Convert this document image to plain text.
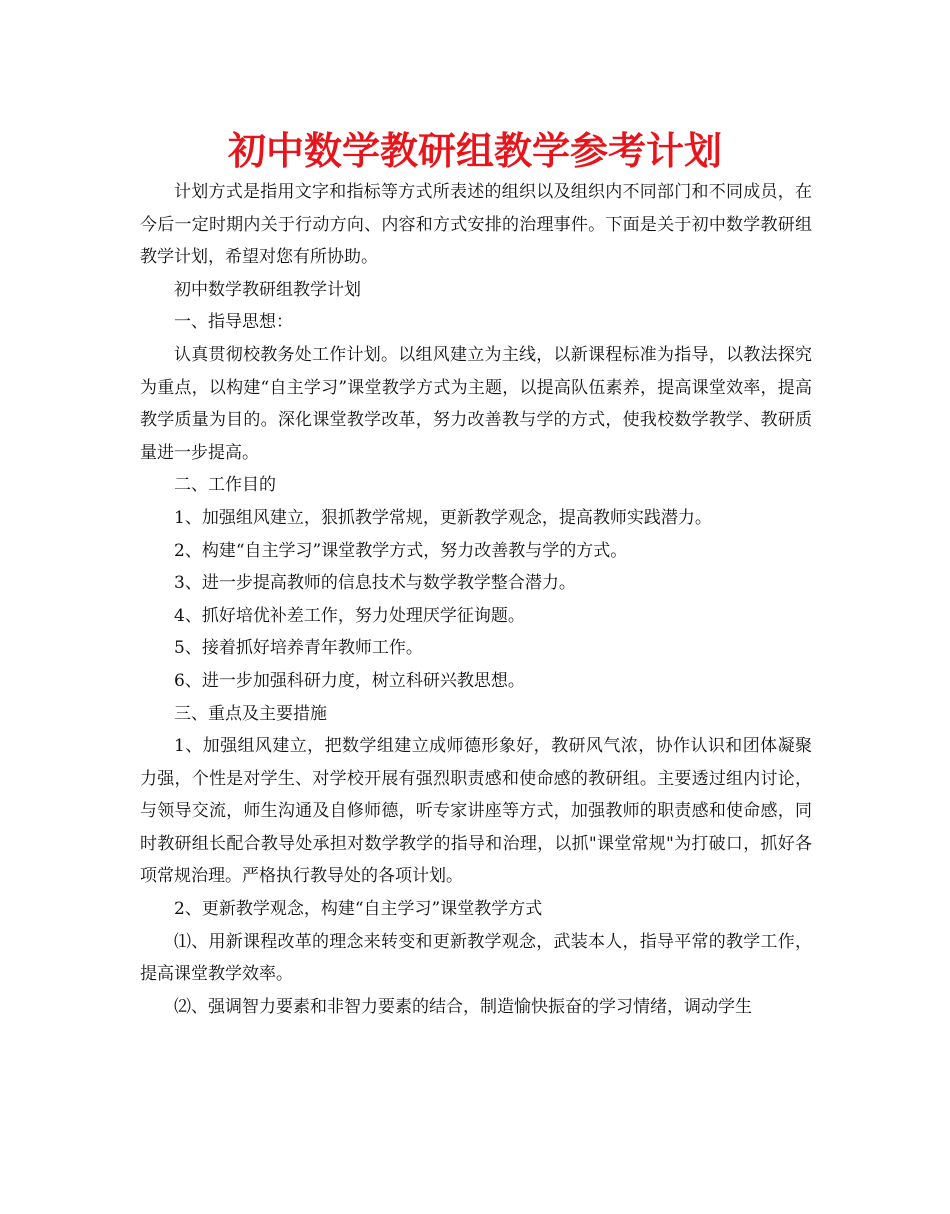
初中数学教研组教学参考计划

计划方式是指用文字和指标等方式所表述的组织以及组织内不同部门和不同成员，在今后一定时期内关于行动方向、内容和方式安排的治理事件。下面是关于初中数学教研组教学计划，希望对您有所协助。

初中数学教研组教学计划

一、指导思想：

认真贯彻校教务处工作计划。以组风建立为主线，以新课程标准为指导，以教法探究为重点，以构建“自主学习”课堂教学方式为主题，以提高队伍素养，提高课堂效率，提高教学质量为目的。深化课堂教学改革，努力改善教与学的方式，使我校数学教学、教研质量进一步提高。

二、工作目的

1、加强组风建立，狠抓教学常规，更新教学观念，提高教师实践潜力。

2、构建“自主学习”课堂教学方式，努力改善教与学的方式。

3、进一步提高教师的信息技术与数学教学整合潜力。

4、抓好培优补差工作，努力处理厌学征询题。

5、接着抓好培养青年教师工作。

6、进一步加强科研力度，树立科研兴教思想。

三、重点及主要措施

1、加强组风建立，把数学组建立成师德形象好，教研风气浓，协作认识和团体凝聚力强，个性是对学生、对学校开展有强烈职责感和使命感的教研组。主要透过组内讨论，与领导交流，师生沟通及自修师德，听专家讲座等方式，加强教师的职责感和使命感，同时教研组长配合教导处承担对数学教学的指导和治理，以抓"课堂常规"为打破口，抓好各项常规治理。严格执行教导处的各项计划。

2、更新教学观念，构建“自主学习”课堂教学方式

⑴、用新课程改革的理念来转变和更新教学观念，武装本人，指导平常的教学工作，提高课堂教学效率。

⑵、强调智力要素和非智力要素的结合，制造愉快振奋的学习情绪，调动学生
